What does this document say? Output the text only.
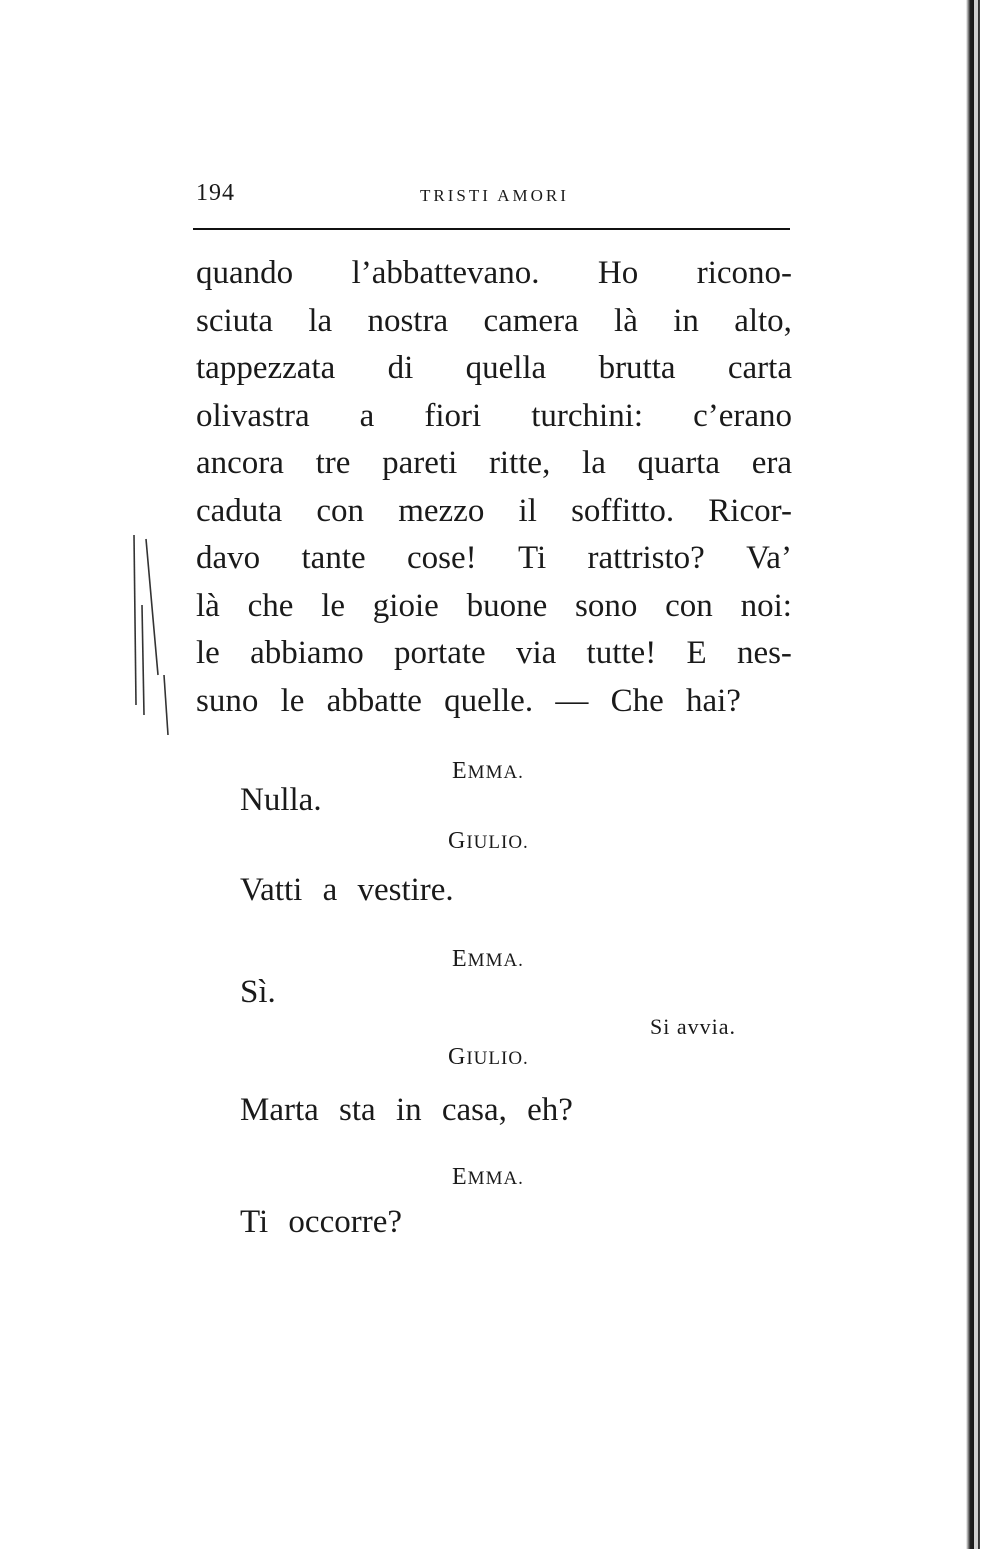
194	TRISTI AMORI
quando l’abbattevano. Ho ricono-
sciuta la nostra camera là in alto,
tappezzata di quella brutta carta
olivastra a fiori turchini: c’erano
ancora tre pareti ritte, la quarta era
caduta con mezzo il soffitto. Ricor-
davo tante cose! Ti rattristo? Va’
là che le gioie buone sono con noi:
le abbiamo portate via tutte! E nes-
suno le abbatte quelle. — Che hai?
EMMA.
Nulla.
GIULIO.
Vatti a vestire.
EMMA.
Sì.
Si avvia.
GIULIO.
Marta sta in casa, eh?
EMMA.
Ti occorre?
